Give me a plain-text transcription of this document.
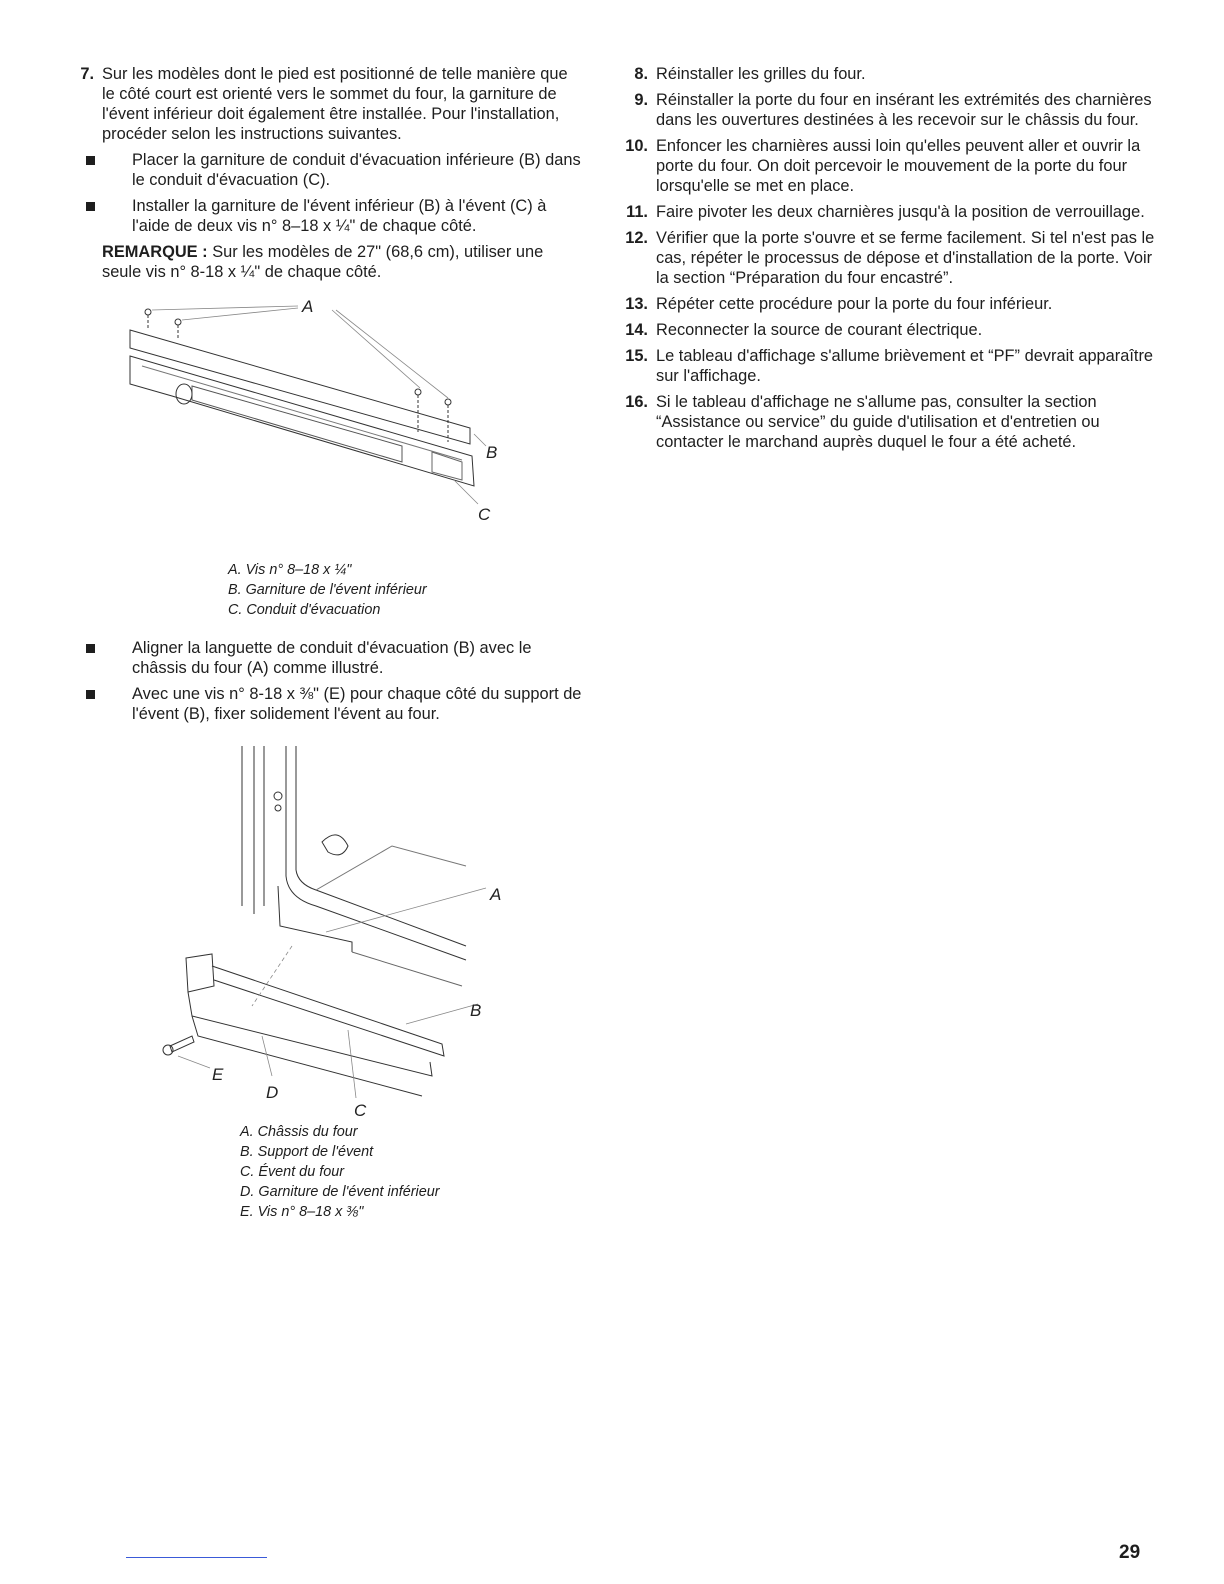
7. Sur les modèles dont le pied est positionné de telle manière que le côté court est orienté vers le sommet du four, la garniture de l'évent inférieur doit également être installée. Pour l'installation, procéder selon les instructions suivantes.
Placer la garniture de conduit d'évacuation inférieure (B) dans le conduit d'évacuation (C).
Installer la garniture de l'évent inférieur (B) à l'évent (C) à l'aide de deux vis n° 8–18 x ¼" de chaque côté.
REMARQUE : Sur les modèles de 27" (68,6 cm), utiliser une seule vis n° 8-18 x ¼" de chaque côté.
A
B
C
A. Vis n° 8–18 x ¼"
B. Garniture de l'évent inférieur
C. Conduit d'évacuation
Aligner la languette de conduit d'évacuation (B) avec le châssis du four (A) comme illustré.
Avec une vis n° 8-18 x ⅜" (E) pour chaque côté du support de l'évent (B), fixer solidement l'évent au four.
A
B
C
D
E
A. Châssis du four
B. Support de l'évent
C. Évent du four
D. Garniture de l'évent inférieur
E. Vis n° 8–18 x ⅜"
8. Réinstaller les grilles du four.
9. Réinstaller la porte du four en insérant les extrémités des charnières dans les ouvertures destinées à les recevoir sur le châssis du four.
10. Enfoncer les charnières aussi loin qu'elles peuvent aller et ouvrir la porte du four. On doit percevoir le mouvement de la porte du four lorsqu'elle se met en place.
11. Faire pivoter les deux charnières jusqu'à la position de verrouillage.
12. Vérifier que la porte s'ouvre et se ferme facilement. Si tel n'est pas le cas, répéter le processus de dépose et d'installation de la porte. Voir la section “Préparation du four encastré”.
13. Répéter cette procédure pour la porte du four inférieur.
14. Reconnecter la source de courant électrique.
15. Le tableau d'affichage s'allume brièvement et “PF” devrait apparaître sur l'affichage.
16. Si le tableau d'affichage ne s'allume pas, consulter la section “Assistance ou service” du guide d'utilisation et d'entretien ou contacter le marchand auprès duquel le four a été acheté.
29
